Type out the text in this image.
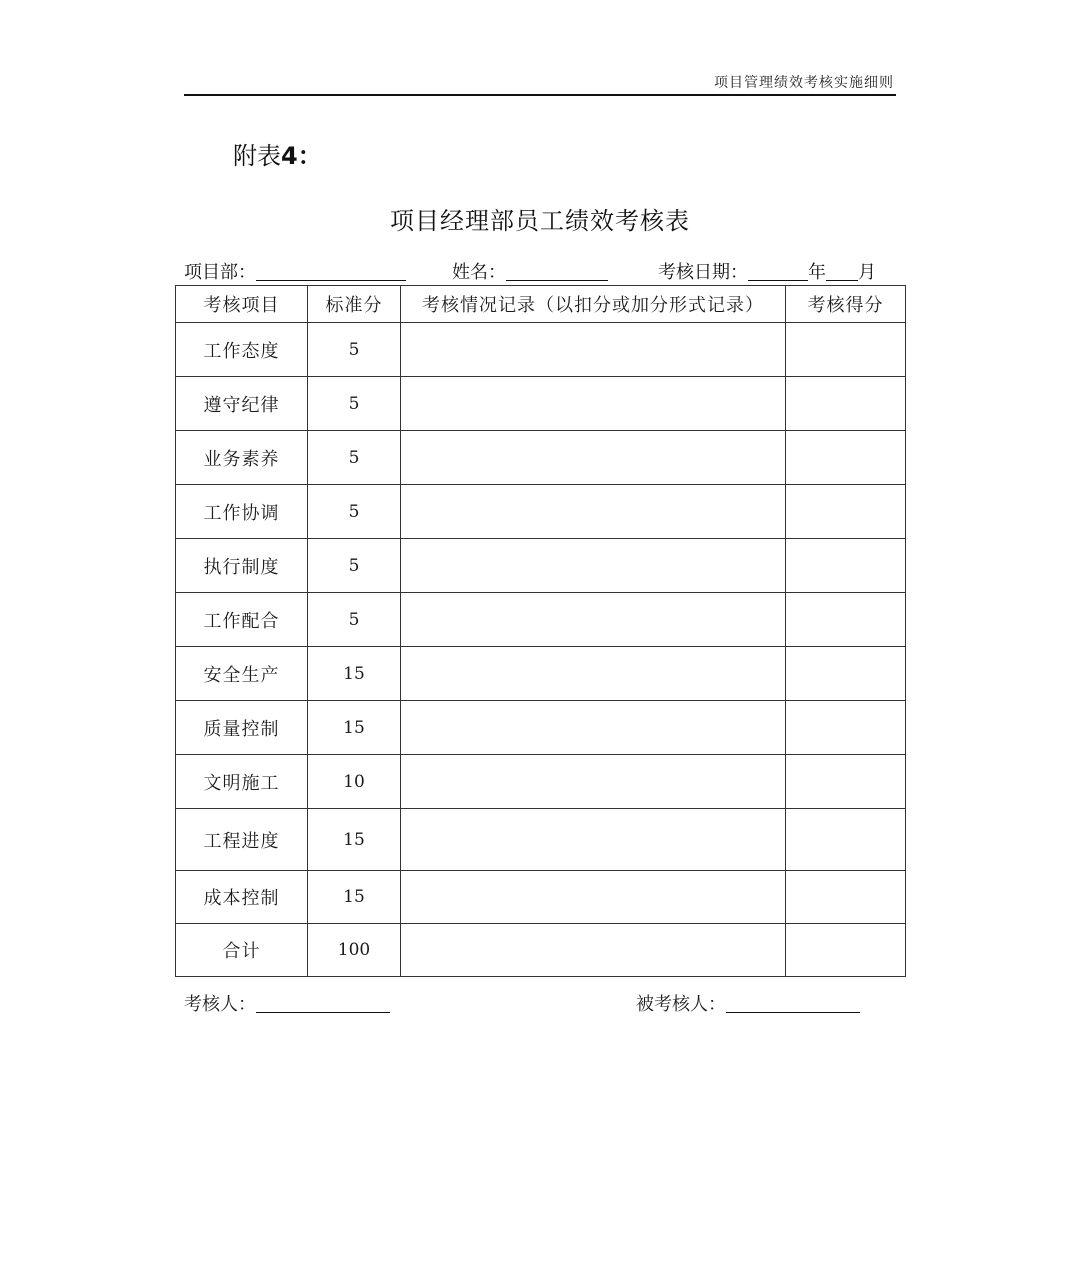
项目管理绩效考核实施细则
附表4：
项目经理部员工绩效考核表
项目部：	姓名：	考核日期：	年 月
考核项目	标准分	考核情况记录（以扣分或加分形式记录）	考核得分
工作态度	5		
遵守纪律	5		
业务素养	5		
工作协调	5		
执行制度	5		
工作配合	5		
安全生产	15		
质量控制	15		
文明施工	10		
工程进度	15		
成本控制	15		
合计	100		
考核人：	被考核人：
